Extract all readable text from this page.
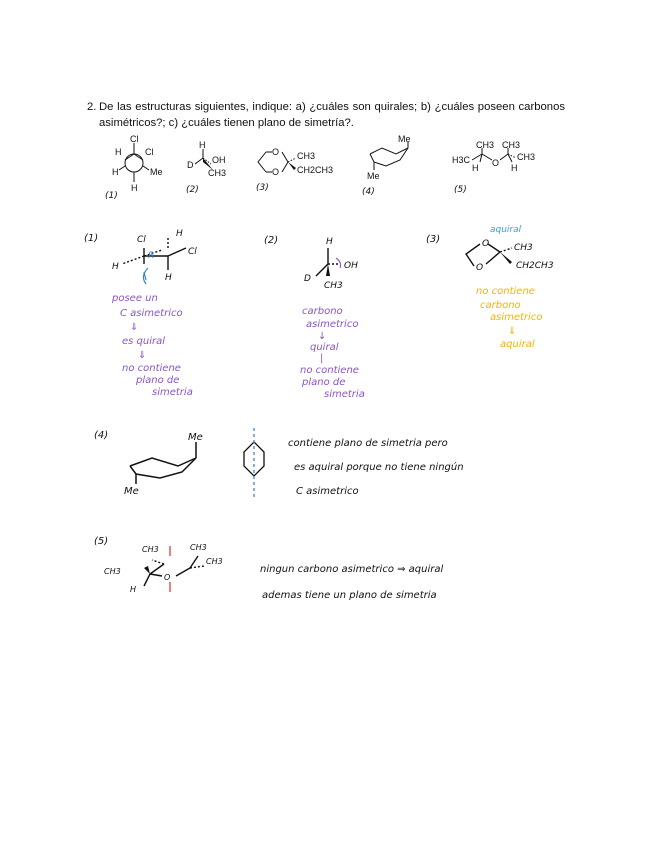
2. De las estructuras siguientes, indique: a) ¿cuáles son quirales; b) ¿cuáles poseen carbonos asimétricos?; c) ¿cuáles tienen plano de simetría?.
Cl
H	Cl
H	Me
H
(1)
H
D OH
CH3
(2)
O
O
CH3
CH2CH3
(3)
Me
Me
(4)
H3C
CH3 CH3
H O
CH3
H
(5)
(1)	Cl
H
H
Cl
H
R
posee un
C asimetrico
⇓
es quiral
⇓
no contiene
plano de
simetria
(2)	H
D
OH
CH3
carbono
asimetrico
↓
quiral
|
no contiene
plano de
simetria
(3)
aquiral
O
O
CH3
CH2CH3
no contiene
carbono
asimetrico
⇓
aquiral
(4)	Me
Me
contiene plano de simetria pero
es aquiral porque no tiene ningún
C asimetrico
(5)
CH3	CH3
CH3
CH3
H
O
ningun carbono asimetrico ⇒ aquiral
ademas tiene un plano de simetria
